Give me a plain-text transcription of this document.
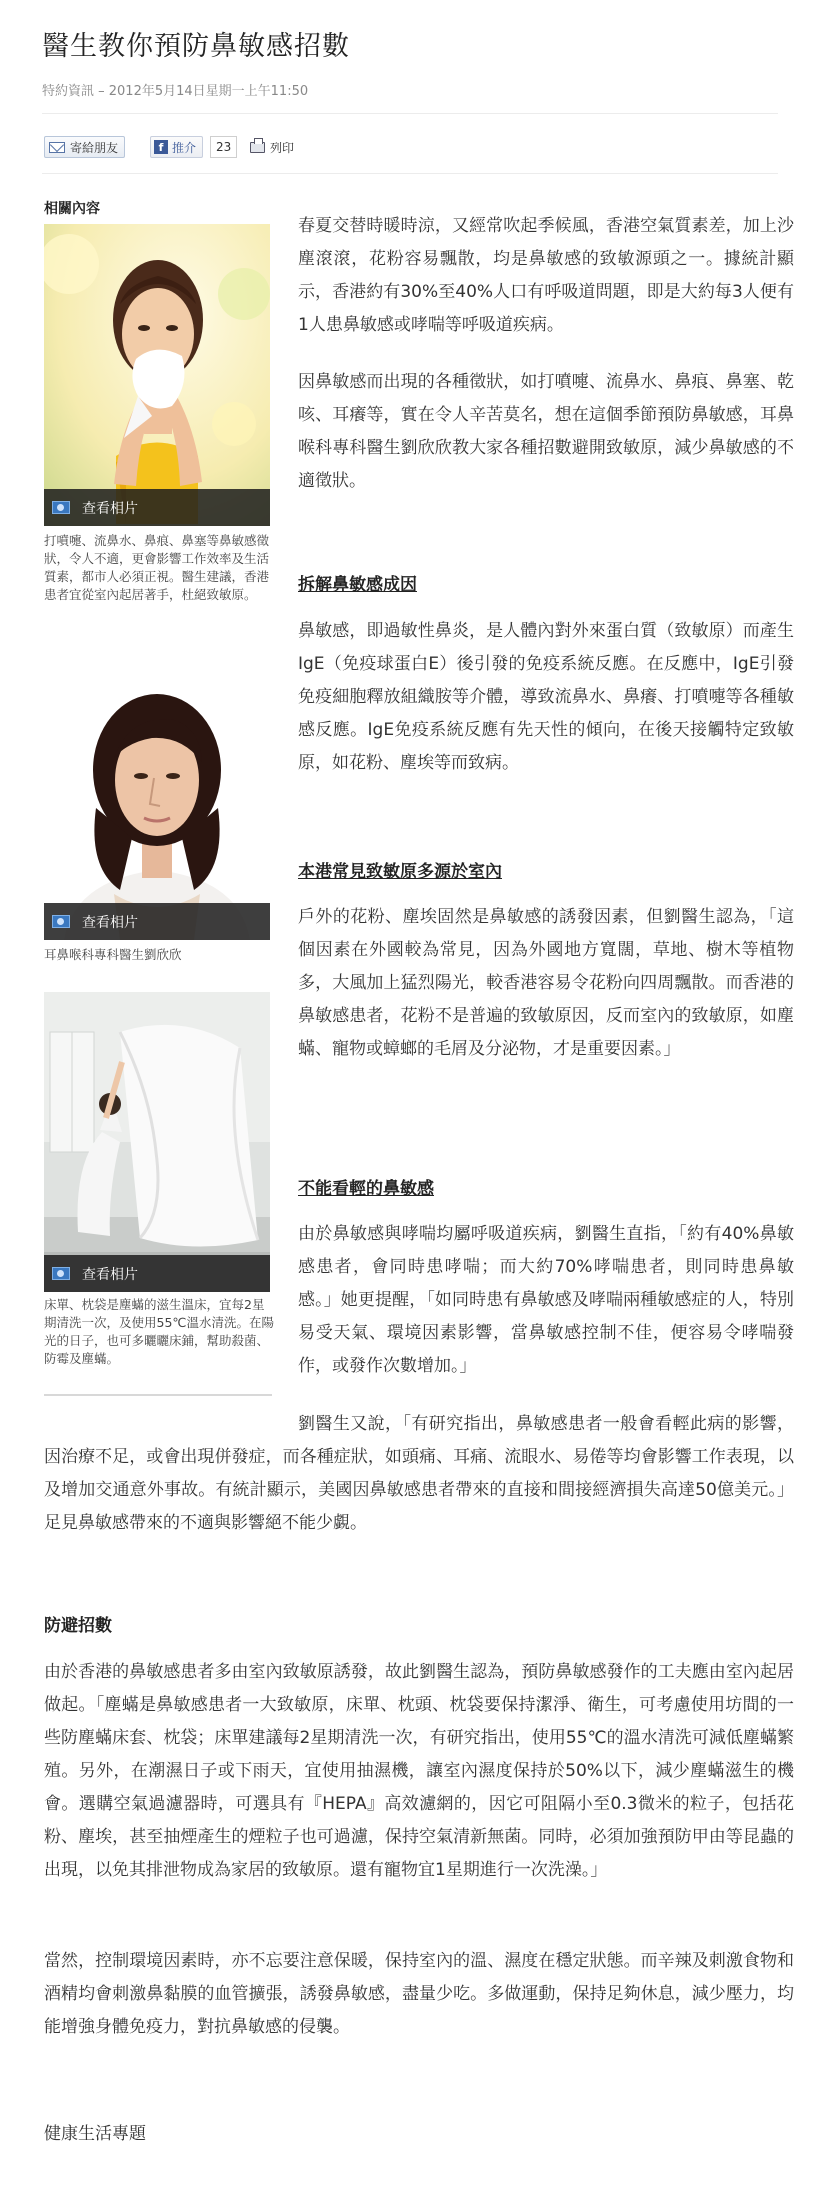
醫生教你預防鼻敏感招數
特約資訊 – 2012年5月14日星期一上午11:50
寄給朋友	f 推介	23	列印
相關內容
查看相片
打噴嚏、流鼻水、鼻痕、鼻塞等鼻敏感徵狀，令人不適，更會影響工作效率及生活質素，都市人必須正視。醫生建議，香港患者宜從室內起居著手，杜絕致敏原。
查看相片
耳鼻喉科專科醫生劉欣欣
查看相片
床單、枕袋是塵蟎的滋生溫床，宜每2星期清洗一次，及使用55℃溫水清洗。在陽光的日子，也可多曬曬床鋪，幫助殺菌、防霉及塵蟎。
春夏交替時暖時涼，又經常吹起季候風，香港空氣質素差，加上沙塵滾滾，花粉容易飄散，均是鼻敏感的致敏源頭之一。據統計顯示，香港約有30%至40%人口有呼吸道問題，即是大約每3人便有1人患鼻敏感或哮喘等呼吸道疾病。
因鼻敏感而出現的各種徵狀，如打噴嚏、流鼻水、鼻痕、鼻塞、乾咳、耳癢等，實在令人辛苦莫名，想在這個季節預防鼻敏感，耳鼻喉科專科醫生劉欣欣教大家各種招數避開致敏原，減少鼻敏感的不適徵狀。
拆解鼻敏感成因
鼻敏感，即過敏性鼻炎，是人體內對外來蛋白質（致敏原）而產生IgE（免疫球蛋白E）後引發的免疫系統反應。在反應中，IgE引發免疫細胞釋放組織胺等介體，導致流鼻水、鼻癢、打噴嚏等各種敏感反應。IgE免疫系統反應有先天性的傾向，在後天接觸特定致敏原，如花粉、塵埃等而致病。
本港常見致敏原多源於室內
戶外的花粉、塵埃固然是鼻敏感的誘發因素，但劉醫生認為，「這個因素在外國較為常見，因為外國地方寬闊，草地、樹木等植物多，大風加上猛烈陽光，較香港容易令花粉向四周飄散。而香港的鼻敏感患者，花粉不是普遍的致敏原因，反而室內的致敏原，如塵蟎、寵物或蟑螂的毛屑及分泌物，才是重要因素。」
不能看輕的鼻敏感
由於鼻敏感與哮喘均屬呼吸道疾病，劉醫生直指，「約有40%鼻敏感患者，會同時患哮喘；而大約70%哮喘患者，則同時患鼻敏感。」她更提醒，「如同時患有鼻敏感及哮喘兩種敏感症的人，特別易受天氣、環境因素影響，當鼻敏感控制不佳，便容易令哮喘發作，或發作次數增加。」
劉醫生又說，「有研究指出，鼻敏感患者一般會看輕此病的影響，因治療不足，或會出現併發症，而各種症狀，如頭痛、耳痛、流眼水、易倦等均會影響工作表現，以及增加交通意外事故。有統計顯示，美國因鼻敏感患者帶來的直接和間接經濟損失高達50億美元。」足見鼻敏感帶來的不適與影響絕不能少覷。
防避招數
由於香港的鼻敏感患者多由室內致敏原誘發，故此劉醫生認為，預防鼻敏感發作的工夫應由室內起居做起。「塵蟎是鼻敏感患者一大致敏原，床單、枕頭、枕袋要保持潔淨、衛生，可考慮使用坊間的一些防塵蟎床套、枕袋；床單建議每2星期清洗一次，有研究指出，使用55℃的溫水清洗可減低塵蟎繁殖。另外，在潮濕日子或下雨天，宜使用抽濕機，讓室內濕度保持於50%以下，減少塵蟎滋生的機會。選購空氣過濾器時，可選具有『HEPA』高效濾網的，因它可阻隔小至0.3微米的粒子，包括花粉、塵埃，甚至抽煙產生的煙粒子也可過濾，保持空氣清新無菌。同時，必須加強預防甲由等昆蟲的出現，以免其排泄物成為家居的致敏原。還有寵物宜1星期進行一次洗澡。」
當然，控制環境因素時，亦不忘要注意保暖，保持室內的溫、濕度在穩定狀態。而辛辣及刺激食物和酒精均會刺激鼻黏膜的血管擴張，誘發鼻敏感，盡量少吃。多做運動，保持足夠休息，減少壓力，均能增強身體免疫力，對抗鼻敏感的侵襲。
健康生活專題
